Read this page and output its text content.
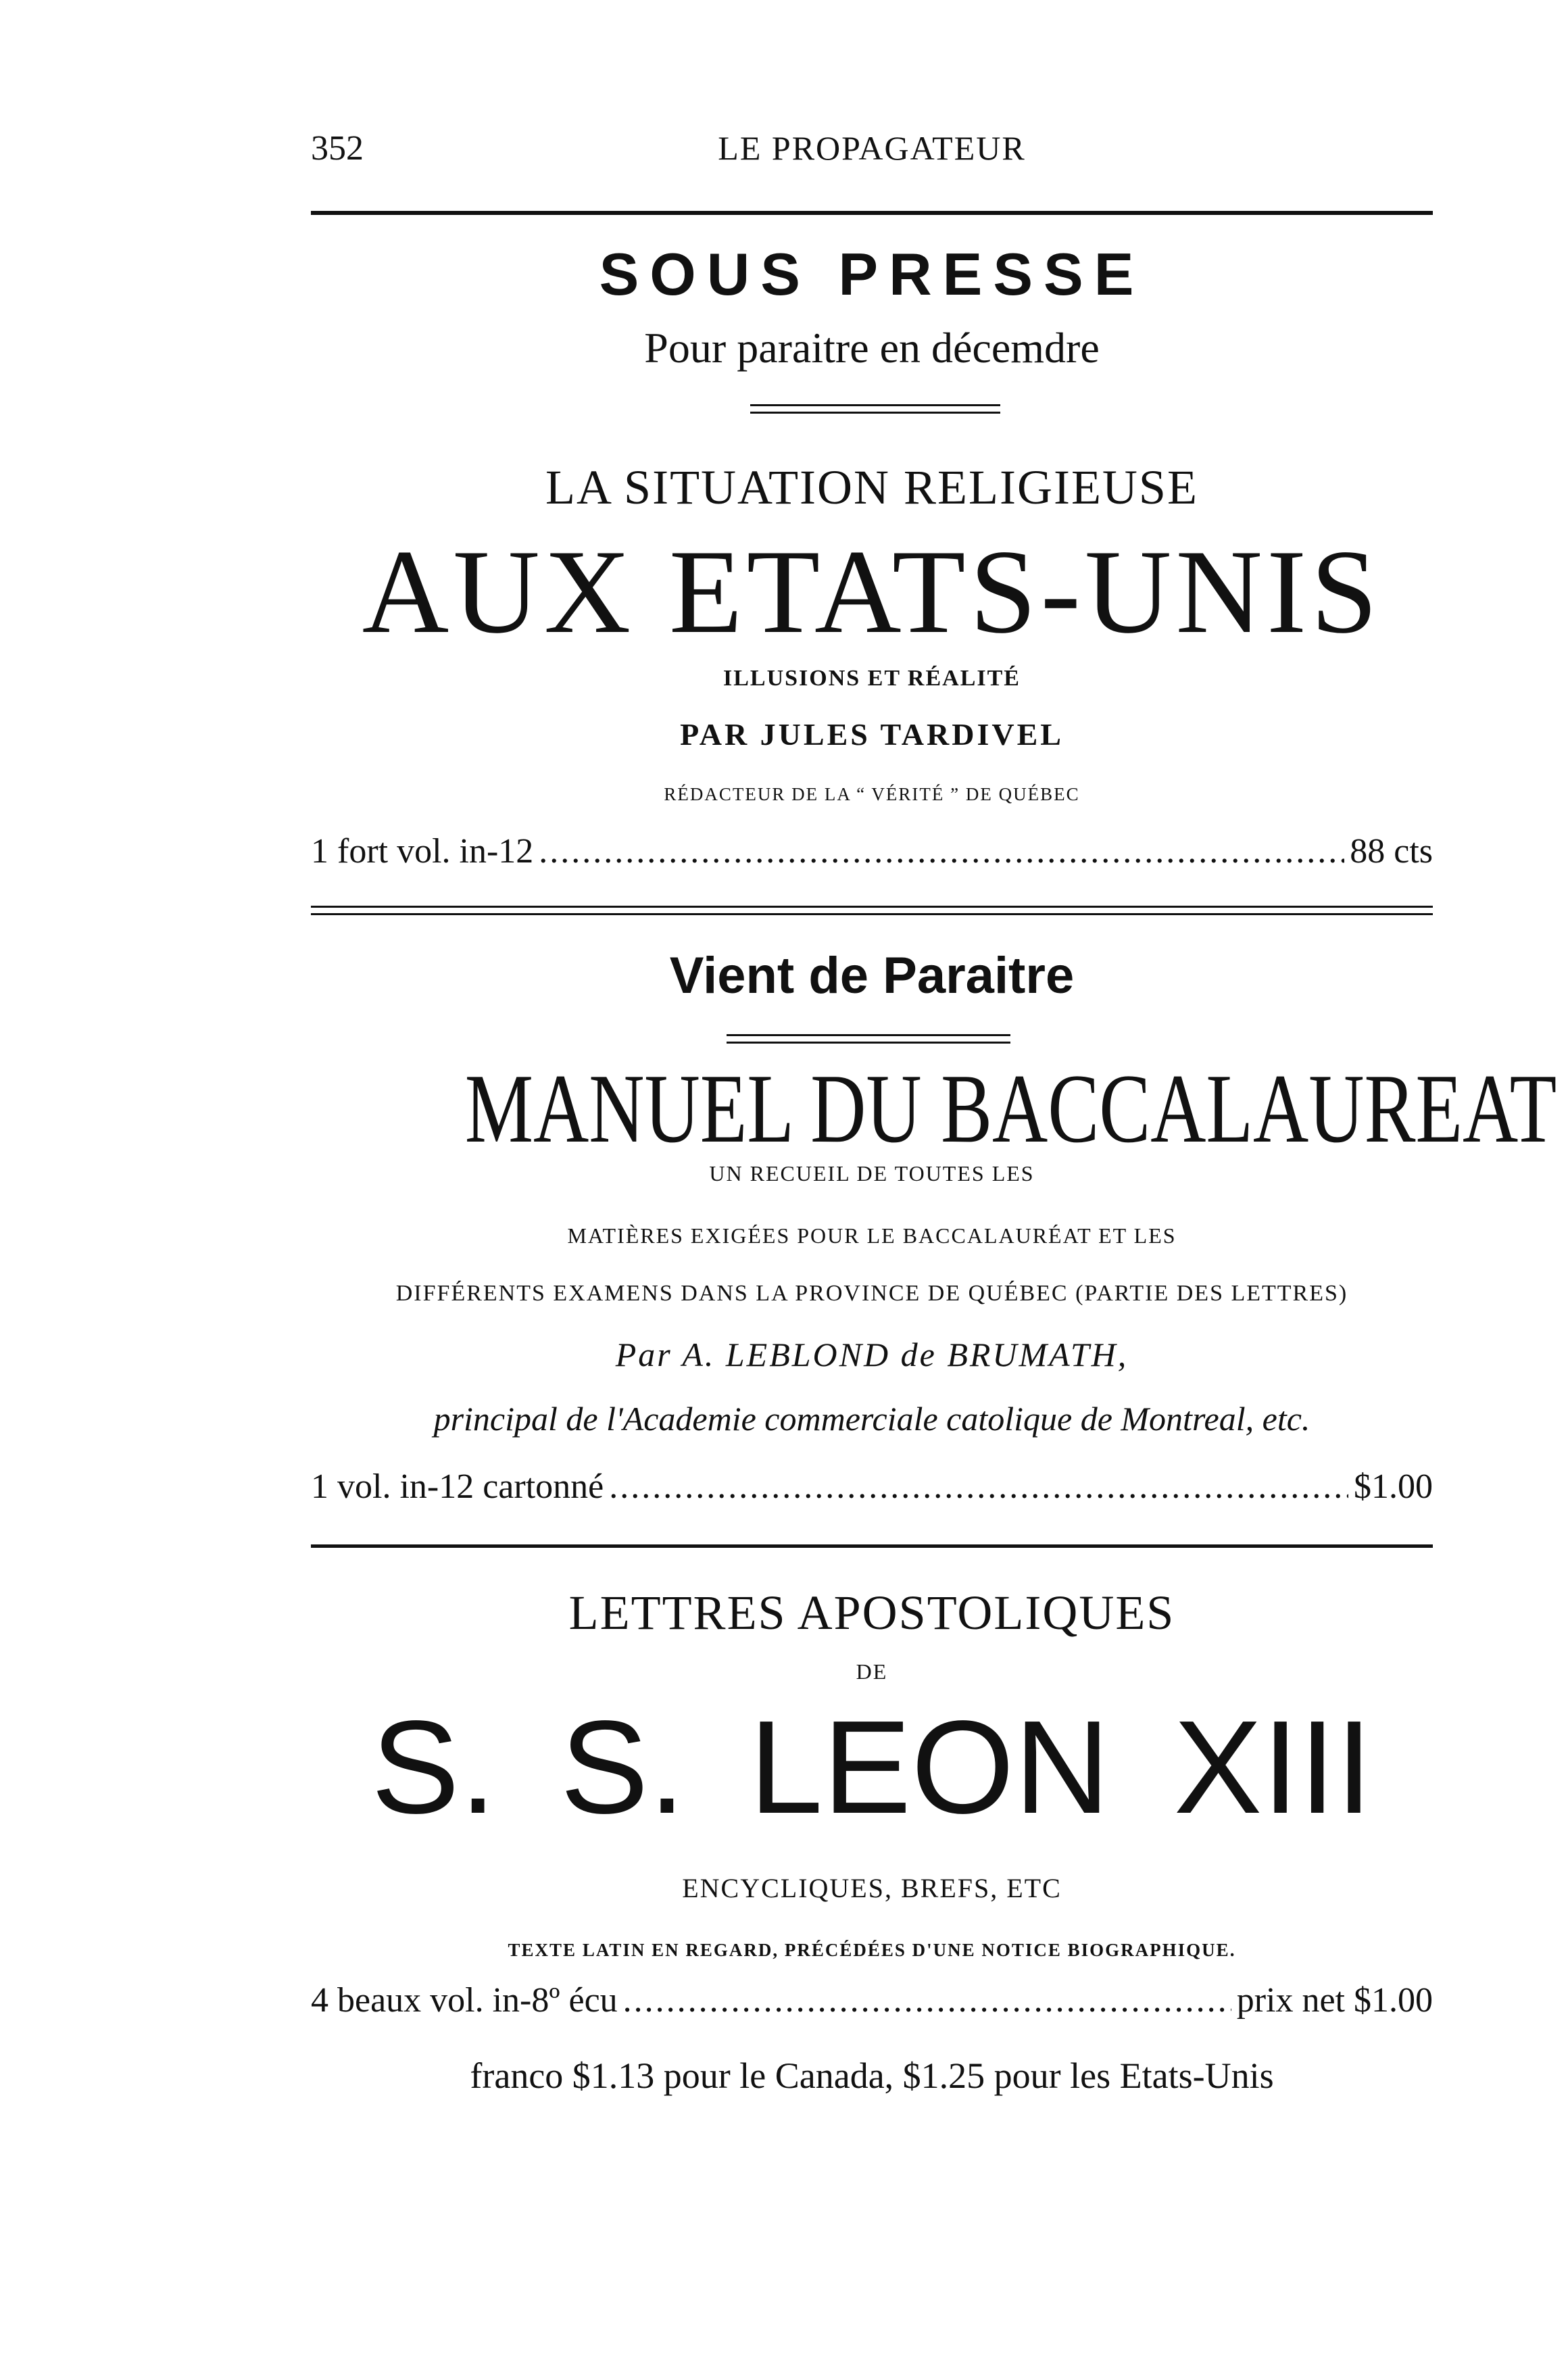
352	LE PROPAGATEUR
SOUS PRESSE
Pour paraitre en décemdre
LA SITUATION RELIGIEUSE
AUX ETATS-UNIS
ILLUSIONS ET RÉALITÉ
PAR JULES TARDIVEL
RÉDACTEUR DE LA “ VÉRITÉ ” DE QUÉBEC
1 fort vol. in-12 .....	88 cts
Vient de Paraitre
MANUEL DU BACCALAUREAT
UN RECUEIL DE TOUTES LES
MATIÈRES EXIGÉES POUR LE BACCALAURÉAT ET LES
DIFFÉRENTS EXAMENS DANS LA PROVINCE DE QUÉBEC (PARTIE DES LETTRES)
Par A. LEBLOND de BRUMATH,
principal de l'Academie commerciale catolique de Montreal, etc.
1 vol. in-12 cartonné .....	$1.00
LETTRES APOSTOLIQUES
DE
S. S. LEON XIII
ENCYCLIQUES, BREFS, ETC
TEXTE LATIN EN REGARD, PRÉCÉDÉES D'UNE NOTICE BIOGRAPHIQUE.
4 beaux vol. in-8º écu .....	prix net $1.00
franco $1.13 pour le Canada, $1.25 pour les Etats-Unis
